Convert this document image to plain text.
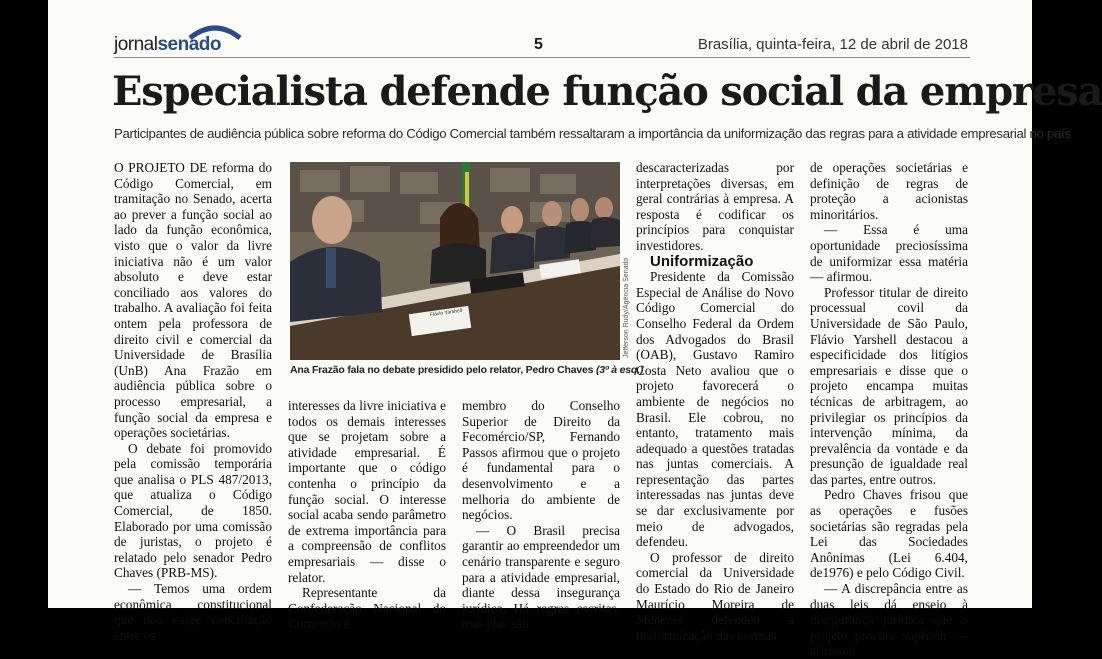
jornalsenado	5	Brasília, quinta-feira, 12 de abril de 2018
Especialista defende função social da empresa
Participantes de audiência pública sobre reforma do Código Comercial também ressaltaram a importância da uniformização das regras para a atividade empresarial no país

O PROJETO DE reforma do Código Comercial, em tramitação no Senado, acerta ao prever a função social ao lado da função econômica, visto que o valor da livre iniciativa não é um valor absoluto e deve estar conciliado aos valores do trabalho. A avaliação foi feita ontem pela professora de direito civil e comercial da Universidade de Brasília (UnB) Ana Frazão em audiência pública sobre o processo empresarial, a função social da empresa e operações societárias.

O debate foi promovido pela comissão temporária que analisa o PLS 487/2013, que atualiza o Código Comercial, de 1850. Elaborado por uma comissão de juristas, o projeto é relatado pelo senador Pedro Chaves (PRB-MS).

— Temos uma ordem econômica constitucional que nos exige conciliação entre os

Flávio Yarshell	Jefferson Rudy/Agência Senado
Ana Frazão fala no debate presidido pelo relator, Pedro Chaves (3º à esq.)

interesses da livre iniciativa e todos os demais interesses que se projetam sobre a atividade empresarial. É importante que o código contenha o princípio da função social. O interesse social acaba sendo parâmetro de extrema importância para a compreensão de conflitos empresariais — disse o relator.

Representante da Confederação Nacional do Comércio e

membro do Conselho Superior de Direito da Fecomércio/SP, Fernando Passos afirmou que o projeto é fundamental para o desenvolvimento e a melhoria do ambiente de negócios.

— O Brasil precisa garantir ao empreendedor um cenário transparente e seguro para a atividade empresarial, diante dessa insegurança jurídica. Há regras escritas, mas elas são

descaracterizadas por interpretações diversas, em geral contrárias à empresa. A resposta é codificar os princípios para conquistar investidores.

Uniformização

Presidente da Comissão Especial de Análise do Novo Código Comercial do Conselho Federal da Ordem dos Advogados do Brasil (OAB), Gustavo Ramiro Costa Neto avaliou que o projeto favorecerá o ambiente de negócios no Brasil. Ele cobrou, no entanto, tratamento mais adequado a questões tratadas nas juntas comerciais. A representação das partes interessadas nas juntas deve se dar exclusivamente por meio de advogados, defendeu.

O professor de direito comercial da Universidade do Estado do Rio de Janeiro Maurício Moreira de Menezes defendeu a uniformização das normas

de operações societárias e definição de regras de proteção a acionistas minoritários.

— Essa é uma oportunidade preciosíssima de uniformizar essa matéria— afirmou.

Professor titular de direito processual covil da Universidade de São Paulo, Flávio Yarshell destacou a especificidade dos litígios empresariais e disse que o projeto encampa muitas técnicas de arbitragem, ao privilegiar os princípios da intervenção mínima, da prevalência da vontade e da presunção de igualdade real das partes, entre outros.

Pedro Chaves frisou que as operações e fusões societárias são regradas pela Lei das Sociedades Anônimas (Lei 6.404, de1976) e pelo Código Civil.

— A discrepância entre as duas leis dá ensejo à insegurança jurídica que o projeto procura suprimir — afirmou.
